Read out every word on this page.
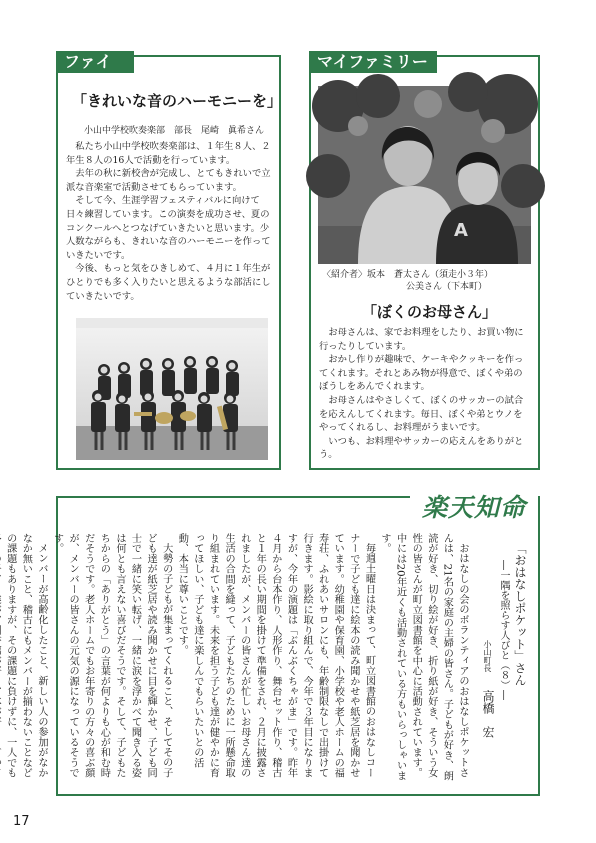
ファイト
「きれいな音のハーモニーを」
小山中学校吹奏楽部　部長　尾崎　眞希さん

私たち小山中学校吹奏楽部は、１年生８人、２年生８人の16人で活動を行っています。

去年の秋に新校舎が完成し、とてもきれいで立派な音楽室で活動させてもらっています。

そして今、生涯学習フェスティバルに向けて日々練習しています。この演奏を成功させ、夏のコンクールへとつなげていきたいと思います。少人数ながらも、きれいな音のハーモニーを作っていきたいです。

今後、もっと気をひきしめて、４月に１年生がひとりでも多く入りたいと思えるような部活にしていきたいです。

マイファミリー
A
〈紹介者〉坂本　蒼太さん（須走小３年）
公美さん（下本町）
「ぼくのお母さん」

お母さんは、家でお料理をしたり、お買い物に行ったりしています。

おかし作りが趣味で、ケーキやクッキーを作ってくれます。それとあみ物が得意で、ぼくや弟のぼうしをあんでくれます。

お母さんはやさしくて、ぼくのサッカーの試合を応えんしてくれます。毎日、ぼくや弟とウノをやってくれるし、お料理がうまいです。

いつも、お料理やサッカーの応えんをありがとう。

楽天知命
「おはなしポケット」さん
―一隅を照らす人びと（８）―
小山町長
高橋　宏

おはなしの会のボランティアのおはなしポケットさんは、21名の家庭の主婦の皆さん。子どもが好き、朗読が好き、切り絵が好き、折り紙が好き、そういう女性の皆さんが町立図書館を中心に活動されています。中には20年近くも活動されている方もいらっしゃいます。

毎週土曜日は決まって、町立図書館のおはなしコーナーで子ども達に絵本の読み聞かせや紙芝居を聞かせています。幼稚園や保育園、小学校や老人ホームの福寿荘、ふれあいサロンにも、年齢制限なしで出掛けて行きます。影絵に取り組んで、今年で３年目になりますが、今年の演題は「ぶんぶくちゃがま」です。昨年４月から台本作り、人形作り、舞台セット作り、稽古と１年の長い期間を掛けて準備をされ、２月に披露されましたが、メンバーの皆さんが忙しいお母さん達の生活の合間を縫って、子どもたちのために一所懸命取り組まれています。未来を担う子ども達が健やかに育ってほしい、子ども達に楽しんでもらいたいとの活動、本当に尊いことです。

大勢の子どもが集まってくれること、そしてその子ども達が紙芝居や読み聞かせに目を輝かせ、子ども同士で一緒に笑い転げ、一緒に涙を浮かべて聞き入る姿は何とも言えない喜びだそうです。そして、子どもたちからの「ありがとう」の言葉が何よりも心が和む時だそうです。老人ホームでもお年寄りの方々の喜ぶ顔が、メンバーの皆さんの元気の源になっているそうです。

メンバーが高齢化したこと、新しい人の参加がなかなか無いこと、稽古にもメンバーが揃わないことなどの課題もありますが、その課題に負けずに、一人でも

17
